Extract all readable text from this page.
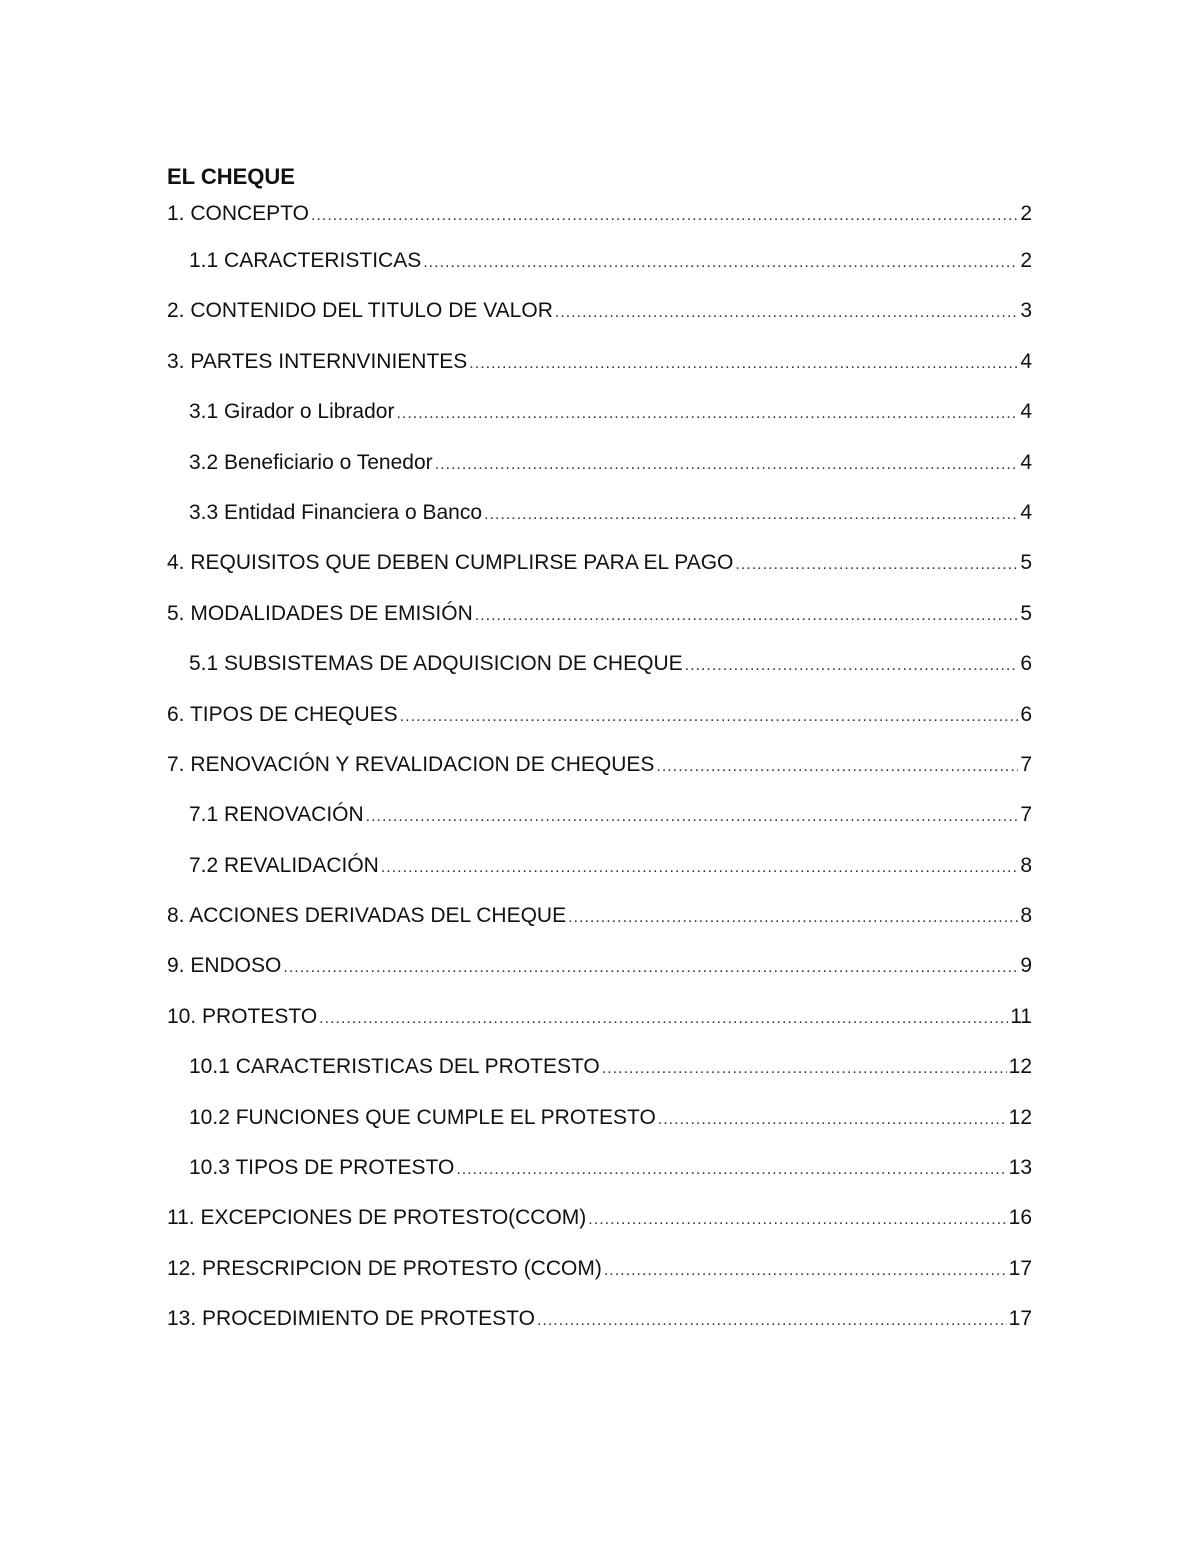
EL CHEQUE
1. CONCEPTO .....	2
1.1 CARACTERISTICAS .....	2
2. CONTENIDO DEL TITULO DE VALOR .....	3
3. PARTES INTERNVINIENTES .....	4
3.1 Girador o Librador .....	4
3.2 Beneficiario o Tenedor .....	4
3.3 Entidad Financiera o Banco .....	4
4. REQUISITOS QUE DEBEN CUMPLIRSE PARA EL PAGO .....	5
5. MODALIDADES DE EMISIÓN .....	5
5.1 SUBSISTEMAS DE ADQUISICION DE CHEQUE .....	6
6. TIPOS DE CHEQUES .....	6
7. RENOVACIÓN Y REVALIDACION DE CHEQUES .....	7
7.1 RENOVACIÓN .....	7
7.2 REVALIDACIÓN .....	8
8. ACCIONES DERIVADAS DEL CHEQUE .....	8
9. ENDOSO .....	9
10. PROTESTO .....	11
10.1 CARACTERISTICAS DEL PROTESTO .....	12
10.2 FUNCIONES QUE CUMPLE EL PROTESTO .....	12
10.3 TIPOS DE PROTESTO .....	13
11. EXCEPCIONES DE PROTESTO(CCOM) .....	16
12. PRESCRIPCION DE PROTESTO (CCOM) .....	17
13. PROCEDIMIENTO DE PROTESTO .....	17
